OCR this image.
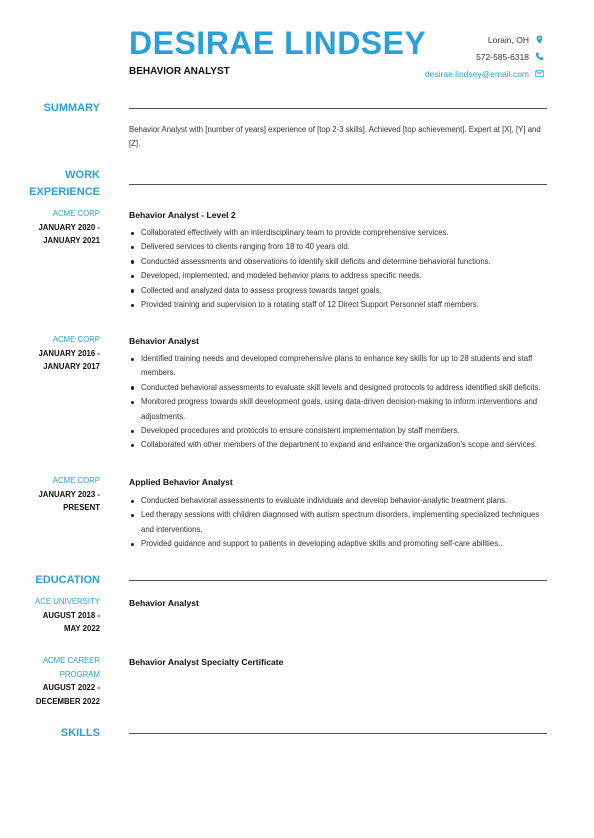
DESIRAE LINDSEY
BEHAVIOR ANALYST
Lorain, OH
572-585-6318
desirae.lindsey@email.com
SUMMARY
Behavior Analyst with [number of years] experience of [top 2-3 skills]. Achieved [top achievement]. Expert at [X], [Y] and [Z].
WORK
EXPERIENCE
ACME CORP
JANUARY 2020 -
JANUARY 2021
Behavior Analyst - Level 2
Collaborated effectively with an interdisciplinary team to provide comprehensive services.
Delivered services to clients ranging from 18 to 40 years old.
Conducted assessments and observations to identify skill deficits and determine behavioral functions.
Developed, implemented, and modeled behavior plans to address specific needs.
Collected and analyzed data to assess progress towards target goals.
Provided training and supervision to a rotating staff of 12 Direct Support Personnel staff members.
ACME CORP
JANUARY 2016 -
JANUARY 2017
Behavior Analyst
Identified training needs and developed comprehensive plans to enhance key skills for up to 28 students and staff members.
Conducted behavioral assessments to evaluate skill levels and designed protocols to address identified skill deficits.
Monitored progress towards skill development goals, using data-driven decision-making to inform interventions and adjustments.
Developed procedures and protocols to ensure consistent implementation by staff members.
Collaborated with other members of the department to expand and enhance the organization's scope and services.
ACME CORP
JANUARY 2023 -
PRESENT
Applied Behavior Analyst
Conducted behavioral assessments to evaluate individuals and develop behavior-analytic treatment plans.
Led therapy sessions with children diagnosed with autism spectrum disorders, implementing specialized techniques and interventions.
Provided guidance and support to patients in developing adaptive skills and promoting self-care abilities..
EDUCATION
ACE UNIVERSITY
AUGUST 2018 -
MAY 2022
Behavior Analyst
ACME CAREER
PROGRAM
AUGUST 2022 -
DECEMBER 2022
Behavior Analyst Specialty Certificate
SKILLS
